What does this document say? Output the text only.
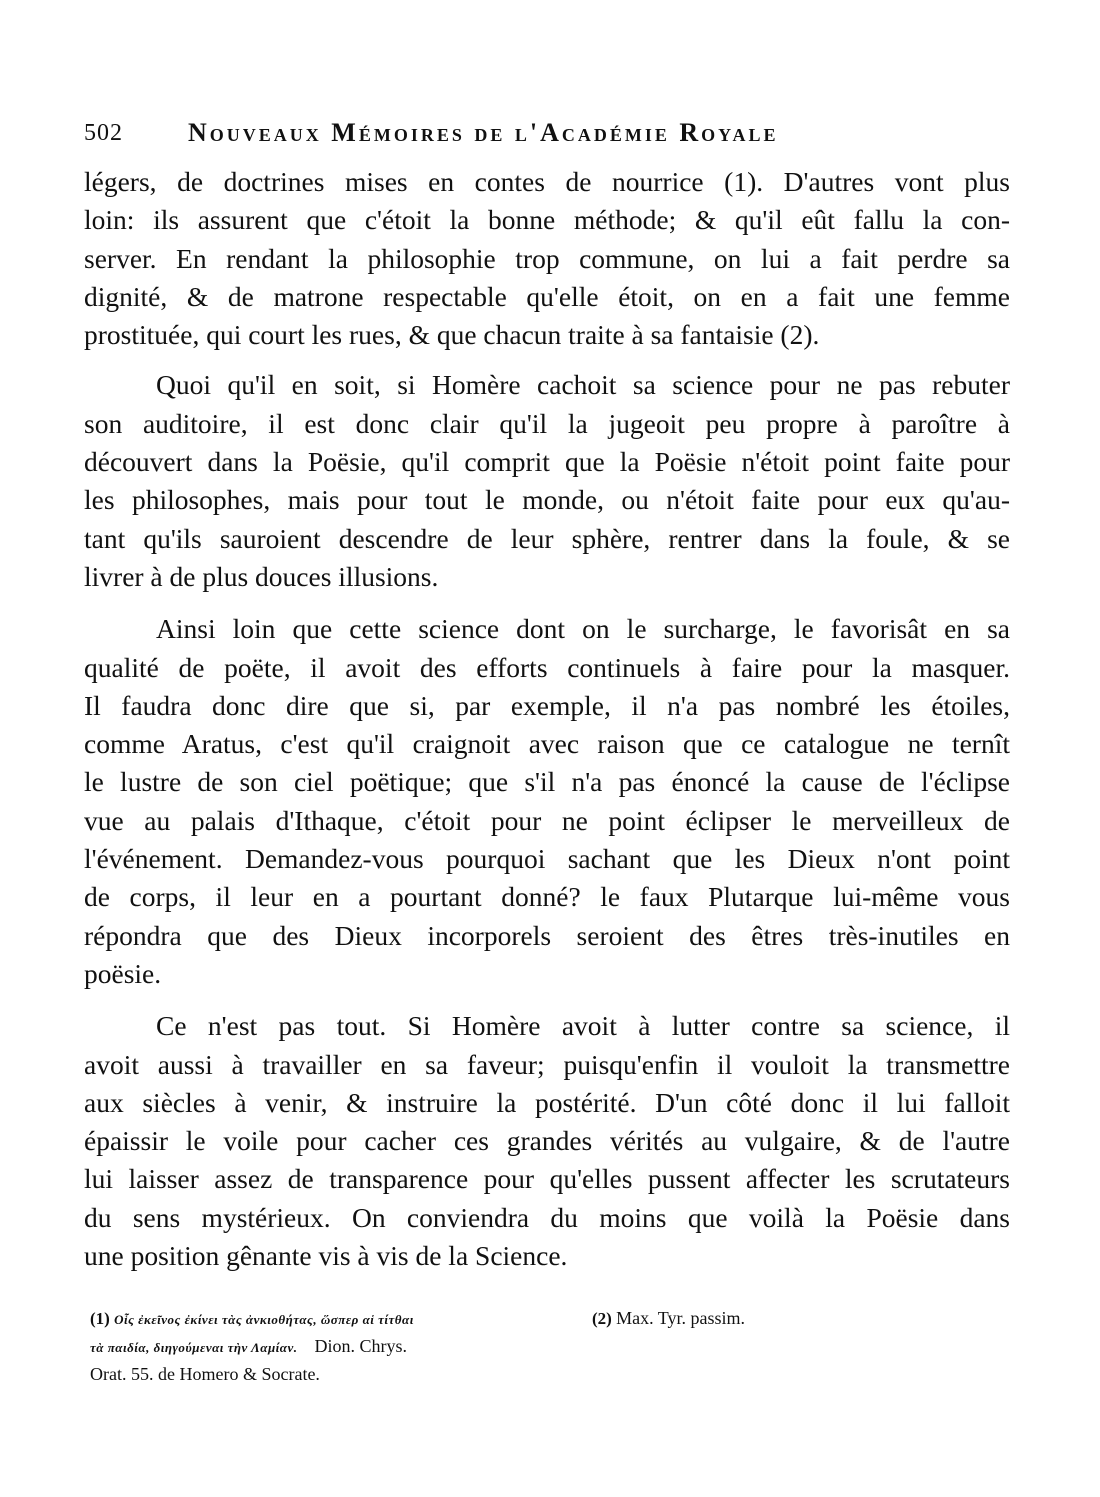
502	Nouveaux Mémoires de l'Académie Royale
légers, de doctrines mises en contes de nourrice (1). D'autres vont plus
loin: ils assurent que c'étoit la bonne méthode; & qu'il eût fallu la con-
server. En rendant la philosophie trop commune, on lui a fait perdre sa
dignité, & de matrone respectable qu'elle étoit, on en a fait une femme
prostituée, qui court les rues, & que chacun traite à sa fantaisie (2).
Quoi qu'il en soit, si Homère cachoit sa science pour ne pas rebuter
son auditoire, il est donc clair qu'il la jugeoit peu propre à paroître à
découvert dans la Poësie, qu'il comprit que la Poësie n'étoit point faite pour
les philosophes, mais pour tout le monde, ou n'étoit faite pour eux qu'au-
tant qu'ils sauroient descendre de leur sphère, rentrer dans la foule, & se
livrer à de plus douces illusions.
Ainsi loin que cette science dont on le surcharge, le favorisât en sa
qualité de poëte, il avoit des efforts continuels à faire pour la masquer.
Il faudra donc dire que si, par exemple, il n'a pas nombré les étoiles,
comme Aratus, c'est qu'il craignoit avec raison que ce catalogue ne ternît
le lustre de son ciel poëtique; que s'il n'a pas énoncé la cause de l'éclipse
vue au palais d'Ithaque, c'étoit pour ne point éclipser le merveilleux de
l'événement. Demandez-vous pourquoi sachant que les Dieux n'ont point
de corps, il leur en a pourtant donné? le faux Plutarque lui-même vous
répondra que des Dieux incorporels seroient des êtres très-inutiles en
poësie.
Ce n'est pas tout. Si Homère avoit à lutter contre sa science, il
avoit aussi à travailler en sa faveur; puisqu'enfin il vouloit la transmettre
aux siècles à venir, & instruire la postérité. D'un côté donc il lui falloit
épaissir le voile pour cacher ces grandes vérités au vulgaire, & de l'autre
lui laisser assez de transparence pour qu'elles pussent affecter les scrutateurs
du sens mystérieux. On conviendra du moins que voilà la Poësie dans
une position gênante vis à vis de la Science.
(1) Οἷς ἐκεῖνος ἐκίνει τὰς ἀνκιοθήτας, ὥσπερ αἱ τίτθαι
τὰ παιδία, διηγούμεναι τὴν Λαμίαν. Dion. Chrys.
Orat. 55. de Homero & Socrate.
(2) Max. Tyr. passim.
